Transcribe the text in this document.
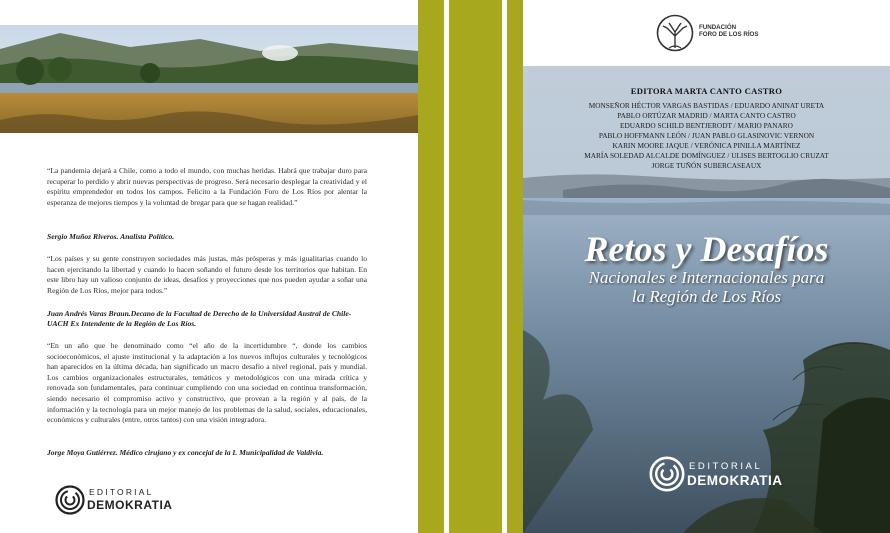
“La pandemia dejará a Chile, como a todo el mundo, con muchas heridas. Habrá que trabajar duro para recuperar lo perdido y abrir nuevas perspectivas de progreso. Será necesario desplegar la creatividad y el espíritu emprendedor en todos los campos. Felicito a la Fundación Foro de Los Ríos por alentar la esperanza de mejores tiempos y la voluntad de bregar para que se hagan realidad.”

Sergio Muñoz Riveros. Analista Político.

“Los países y su gente construyen sociedades más justas, más prósperas y más igualitarias cuando lo hacen ejercitando la libertad y cuando lo hacen soñando el futuro desde los territorios que habitan. En este libro hay un valioso conjunto de ideas, desafíos y proyecciones que nos pueden ayudar a soñar una Región de Los Ríos, mejor para todos.”

Juan Andrés Varas Braun.Decano de la Facultad de Derecho de la Universidad Austral de Chile-UACH Ex Intendente de la Región de Los Ríos.

“En un año que he denominado como “el año de la incertidumbre “, donde los cambios socioeconómicos, el ajuste institucional y la adaptación a los nuevos influjos culturales y tecnológicos han aparecidos en la última década, han significado un macro desafío a nivel regional, país y mundial. Los cambios organizacionales estructurales, temáticos y metodológicos con una mirada crítica y renovada son fundamentales, para continuar cumpliendo con una sociedad en continua transformación, siendo necesario el compromiso activo y constructivo, que provean a la región y al país, de la información y la tecnología para un mejor manejo de los problemas de la salud, sociales, educacionales, económicos y culturales (entre, otros tantos) con una visión integradora.

Jorge Moya Gutiérrez. Médico cirujano y ex concejal de la I. Municipalidad de Valdivia.

EDITORIAL
DEMOKRATIA
FUNDACIÓN
FORO DE LOS RÍOS

EDITORA MARTA CANTO CASTRO

MONSEÑOR HÉCTOR VARGAS BASTIDAS / EDUARDO ANINAT URETA
PABLO ORTÚZAR MADRID / MARTA CANTO CASTRO
EDUARDO SCHILD BENTJERODT / MARIO PANARO
PABLO HOFFMANN LEÓN / JUAN PABLO GLASINOVIC VERNON
KARIN MOORE JAQUE / VERÓNICA PINILLA MARTÍNEZ
MARÍA SOLEDAD ALCALDE DOMÍNGUEZ / ULISES BERTOGLIO CRUZAT
JORGE TUÑÓN SUBERCASEAUX
Retos y Desafíos
Nacionales e Internacionales para
la Región de Los Ríos
EDITORIAL
DEMOKRATIA
